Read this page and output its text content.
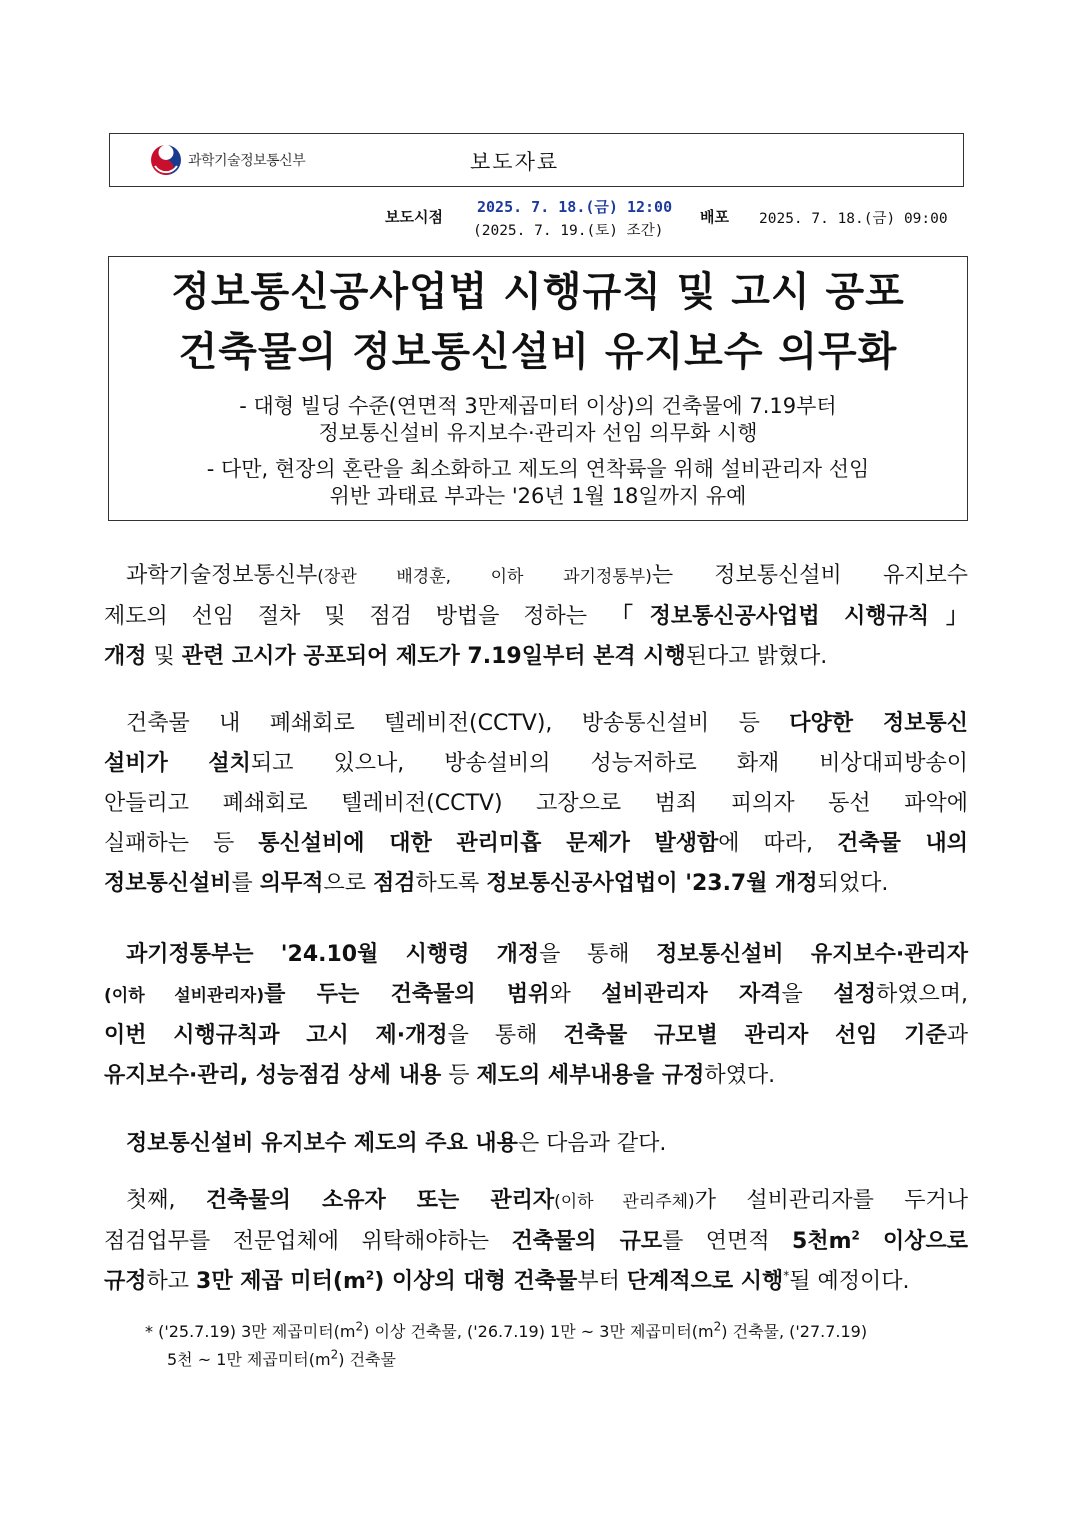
과학기술정보통신부	보도자료
보도시점
2025. 7. 18.(금) 12:00
(2025. 7. 19.(토) 조간)
배포 2025. 7. 18.(금) 09:00
정보통신공사업법 시행규칙 및 고시 공포
건축물의 정보통신설비 유지보수 의무화
- 대형 빌딩 수준(연면적 3만제곱미터 이상)의 건축물에 7.19부터
정보통신설비 유지보수·관리자 선임 의무화 시행
- 다만, 현장의 혼란을 최소화하고 제도의 연착륙을 위해 설비관리자 선임
위반 과태료 부과는 '26년 1월 18일까지 유예
 과학기술정보통신부(장관 배경훈, 이하 과기정통부)는 정보통신설비 유지보수
제도의 선임 절차 및 점검 방법을 정하는 「정보통신공사업법 시행규칙」
개정 및 관련 고시가 공포되어 제도가 7.19일부터 본격 시행된다고 밝혔다.
 건축물 내 폐쇄회로 텔레비전(CCTV), 방송통신설비 등 다양한 정보통신
설비가 설치되고 있으나, 방송설비의 성능저하로 화재 비상대피방송이
안들리고 폐쇄회로 텔레비전(CCTV) 고장으로 범죄 피의자 동선 파악에
실패하는 등 통신설비에 대한 관리미흡 문제가 발생함에 따라, 건축물 내의
정보통신설비를 의무적으로 점검하도록 정보통신공사업법이 '23.7월 개정되었다.
 과기정통부는 '24.10월 시행령 개정을 통해 정보통신설비 유지보수·관리자
(이하 설비관리자)를 두는 건축물의 범위와 설비관리자 자격을 설정하였으며,
이번 시행규칙과 고시 제·개정을 통해 건축물 규모별 관리자 선임 기준과
유지보수·관리, 성능점검 상세 내용 등 제도의 세부내용을 규정하였다.
 정보통신설비 유지보수 제도의 주요 내용은 다음과 같다.
 첫째, 건축물의 소유자 또는 관리자(이하 관리주체)가 설비관리자를 두거나
점검업무를 전문업체에 위탁해야하는 건축물의 규모를 연면적 5천$m^2$ 이상으로
규정하고 3만 제곱 미터$(m^2)$ 이상의 대형 건축물부터 단계적으로 시행*될 예정이다.
* ('25.7.19) 3만 제곱미터$(m^2)$ 이상 건축물, ('26.7.19) 1만 ~ 3만 제곱미터$(m^2)$ 건축물, ('27.7.19)
5천 ~ 1만 제곱미터$(m^2)$ 건축물
